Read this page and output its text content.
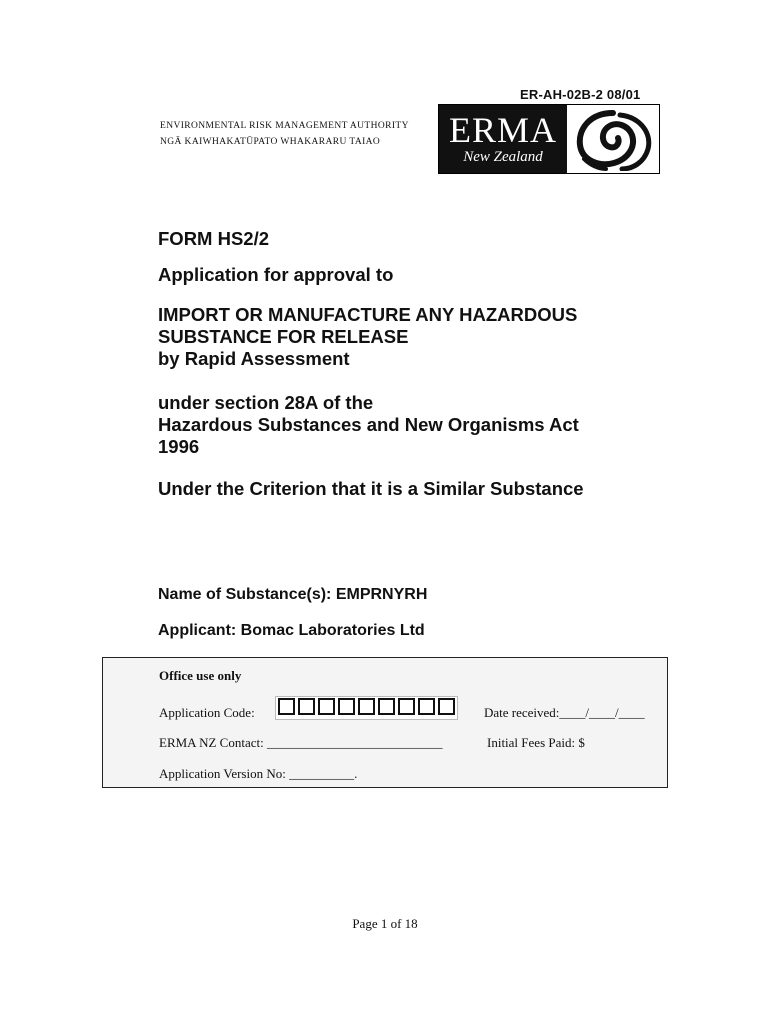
ER-AH-02B-2 08/01
ENVIRONMENTAL RISK MANAGEMENT AUTHORITY
NGĀ KAIWHAKATŪPATO WHAKARARU TAIAO	ERMA
New Zealand

FORM HS2/2

Application for approval to

IMPORT OR MANUFACTURE ANY HAZARDOUS

SUBSTANCE FOR RELEASE

by Rapid Assessment

under section 28A of the

Hazardous Substances and New Organisms Act

1996

Under the Criterion that it is a Similar Substance

Name of Substance(s): EMPRNYRH
Applicant: Bomac Laboratories Ltd
Office use only
Application Code:	Date received:____/____/____
ERMA NZ Contact: ___________________________	Initial Fees Paid: $
Application Version No: __________.
Page 1 of 18
